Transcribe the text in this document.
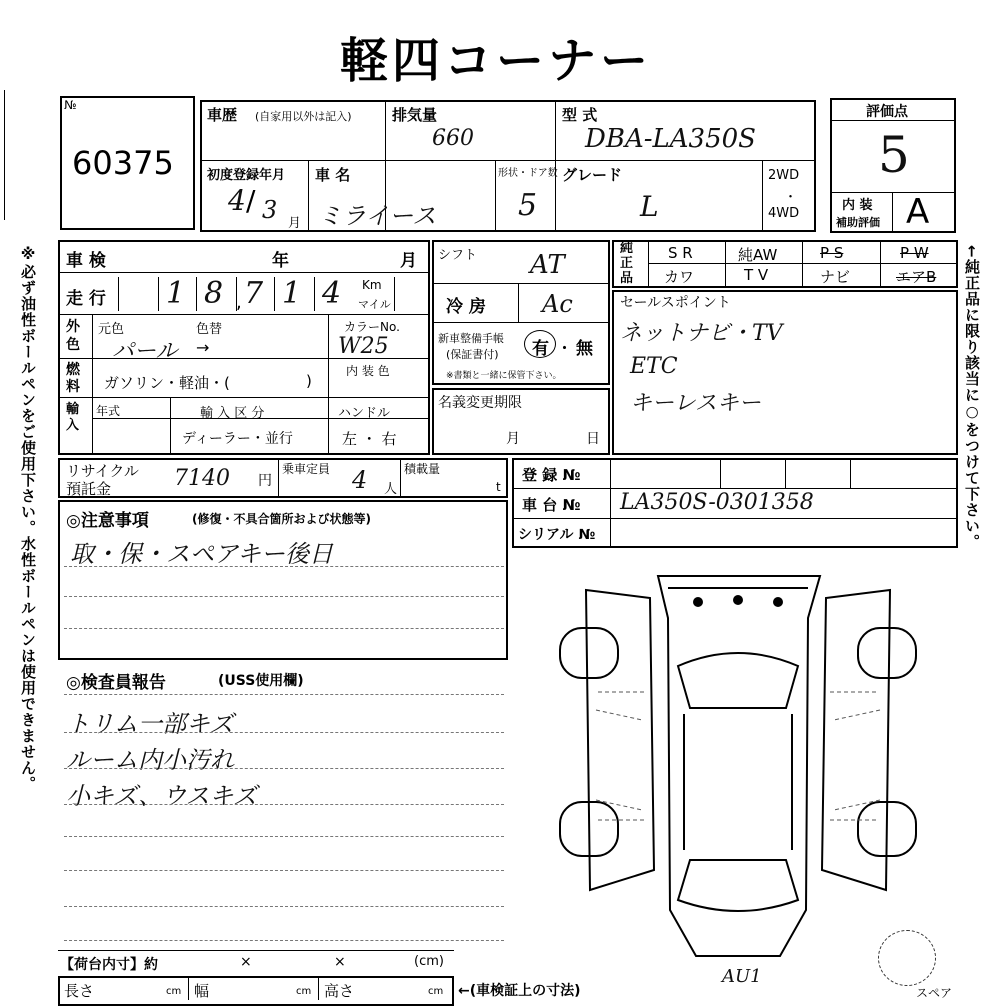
軽四コーナー
※必ず油性ボールペンをご使用下さい。水性ボールペンは使用できません。	←純正品に限り該当に○をつけて下さい。
№
60375
車歴 (自家用以外は記入)	排気量
660
型 式
DBA-LA350S
初度登録年月
4 / 3 月
車 名
ミライース
形状・ドア数
5
グレード
L
2WD
・
4WD
評価点
5
内 装
補助評価 A
車 検	年	月
走 行 1 8 7
, 1 4 Km
マイル
外色
元色	色替
パール →
カラーNo.
W25
燃料	ガソリン・軽油・(	)
内 装 色
輸入
年式	輸 入 区 分
ディーラー・並行
ハンドル
左 ・ 右
シフト AT
冷 房 Ac
新車整備手帳
(保証書付) 有 ・ 無
※書類と一緒に保管下さい。
名義変更期限
月	日
純正品
S R	純AW	P S	P W
カワ	T V	ナビ	エアB
セールスポイント
ネットナビ・TV
ETC
キーレスキー
リサイクル
預託金	7140 円
乗車定員 4 人
積載量
t
登 録 №
車 台 № LA350S-0301358
シリアル №
◎注意事項	(修復・不具合箇所および状態等)
取・保・スペアキー後日
◎検査員報告	(USS使用欄)
トリム一部キズ
ルーム内小汚れ
小キズ、ウスキズ
【荷台内寸】約	×	×	(cm)
長さ	cm 幅	cm 高さ	cm ←(車検証上の寸法)
AU1
スペア
